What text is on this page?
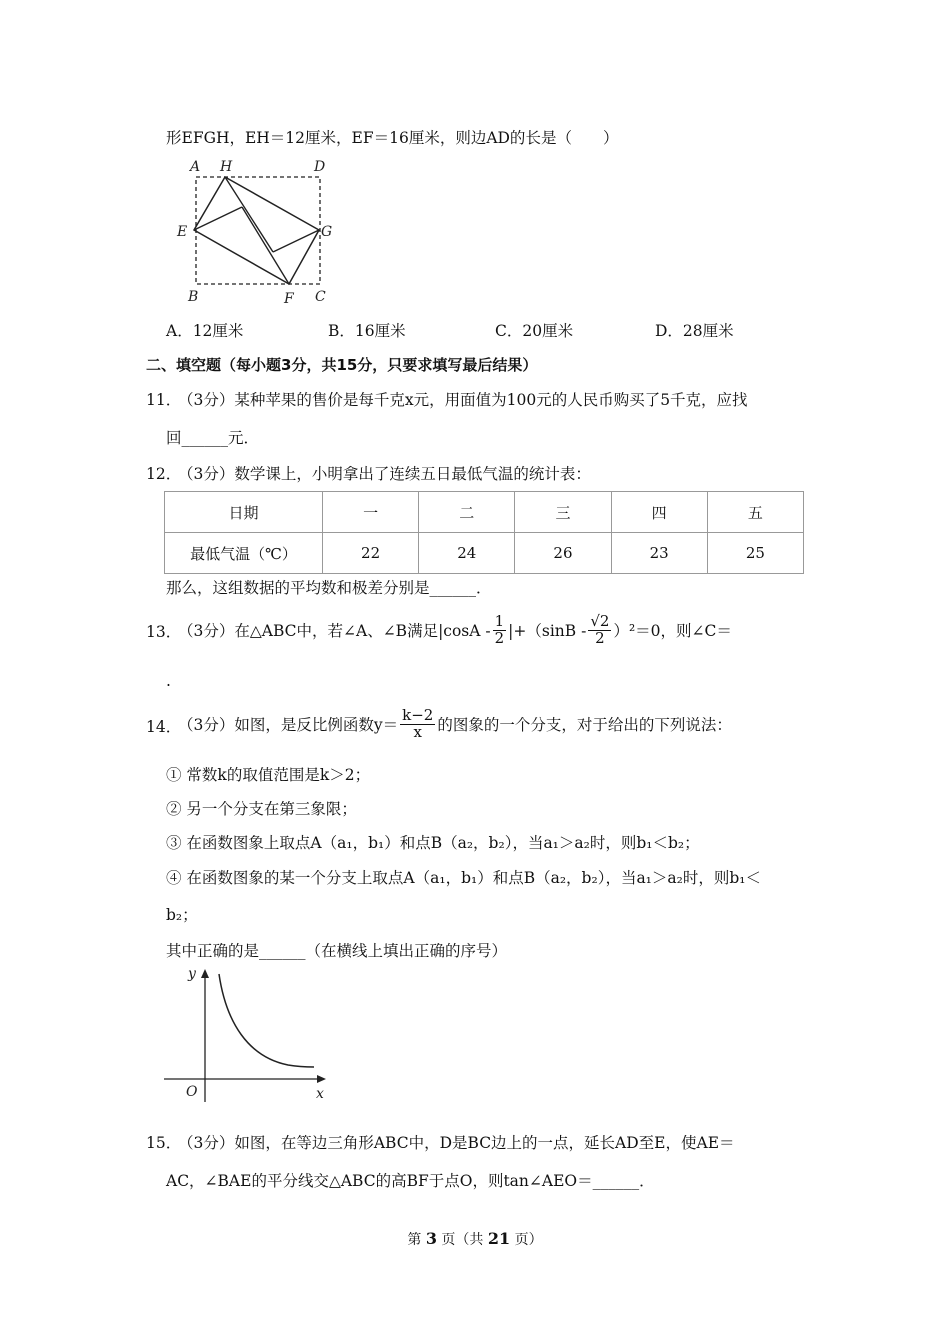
形EFGH，EH＝12厘米，EF＝16厘米，则边AD的长是（　　）
A H	D
E	G
B	F C
A．12厘米	B．16厘米	C．20厘米	D．28厘米
二、填空题（每小题3分，共15分，只要求填写最后结果）
11．
（3分）某种苹果的售价是每千克x元，用面值为100元的人民币购买了5千克，应找
回______元．
12．
（3分）数学课上，小明拿出了连续五日最低气温的统计表：
日期	一	二	三	四	五
最低气温（℃）	22	24	26	23	25
那么，这组数据的平均数和极差分别是______．
13．
（3分）在△ABC中，若∠A、∠B满足$|\cos A - \frac{1}{2} |+(\sin B - \frac{√2}{2} )^2=0$，则∠C＝
.
14．
（3分）如图，是反比例函数$y= \frac{k-2}{x}$ 的图象的一个分支，对于给出的下列说法：
① 常数k的取值范围是k＞2；
② 另一个分支在第三象限；
③ 在函数图象上取点A（a₁，b₁）和点B（a₂，b₂），当a₁＞a₂时，则b₁＜b₂；
④ 在函数图象的某一个分支上取点A（a₁，b₁）和点B（a₂，b₂），当a₁＞a₂时，则b₁＜
b₂；
其中正确的是______（在横线上填出正确的序号）
y
O	x
15．
（3分）如图，在等边三角形ABC中，D是BC边上的一点，延长AD至E，使AE＝
AC，∠BAE的平分线交△ABC的高BF于点O，则tan∠AEO＝______．
第 3 页（共 21 页）
